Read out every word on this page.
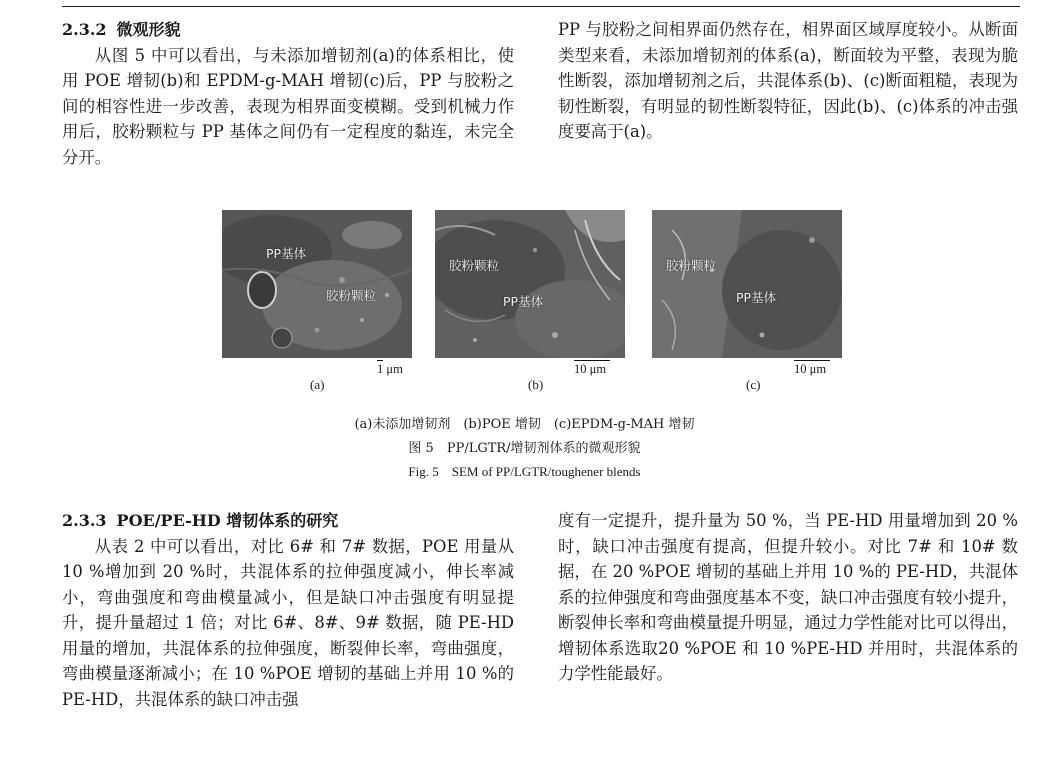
2.3.2 微观形貌

从图 5 中可以看出，与未添加增韧剂(a)的体系相比，使用 POE 增韧(b)和 EPDM-g-MAH 增韧(c)后，PP 与胶粉之间的相容性进一步改善，表现为相界面变模糊。受到机械力作用后，胶粉颗粒与 PP 基体之间仍有一定程度的黏连，未完全分开。

PP 与胶粉之间相界面仍然存在，相界面区域厚度较小。从断面类型来看，未添加增韧剂的体系(a)，断面较为平整，表现为脆性断裂，添加增韧剂之后，共混体系(b)、(c)断面粗糙，表现为韧性断裂，有明显的韧性断裂特征，因此(b)、(c)体系的冲击强度要高于(a)。

PP基体
胶粉颗粒
胶粉颗粒
PP基体
胶粉颗粒
PP基体
1 μm	10 μm	10 μm
(a)	(b)	(c)
(a)未添加增韧剂　(b)POE 增韧　(c)EPDM-g-MAH 增韧
图 5　PP/LGTR/增韧剂体系的微观形貌
Fig. 5　SEM of PP/LGTR/toughener blends
2.3.3 POE/PE-HD 增韧体系的研究

从表 2 中可以看出，对比 6# 和 7# 数据，POE 用量从 10 %增加到 20 %时，共混体系的拉伸强度减小，伸长率减小，弯曲强度和弯曲模量减小，但是缺口冲击强度有明显提升，提升量超过 1 倍；对比 6#、8#、9# 数据，随 PE-HD 用量的增加，共混体系的拉伸强度，断裂伸长率，弯曲强度，弯曲模量逐渐减小；在 10 %POE 增韧的基础上并用 10 %的 PE-HD，共混体系的缺口冲击强

度有一定提升，提升量为 50 %，当 PE-HD 用量增加到 20 %时，缺口冲击强度有提高，但提升较小。对比 7# 和 10# 数据，在 20 %POE 增韧的基础上并用 10 %的 PE-HD，共混体系的拉伸强度和弯曲强度基本不变，缺口冲击强度有较小提升，断裂伸长率和弯曲模量提升明显，通过力学性能对比可以得出，增韧体系选取20 %POE 和 10 %PE-HD 并用时，共混体系的力学性能最好。
